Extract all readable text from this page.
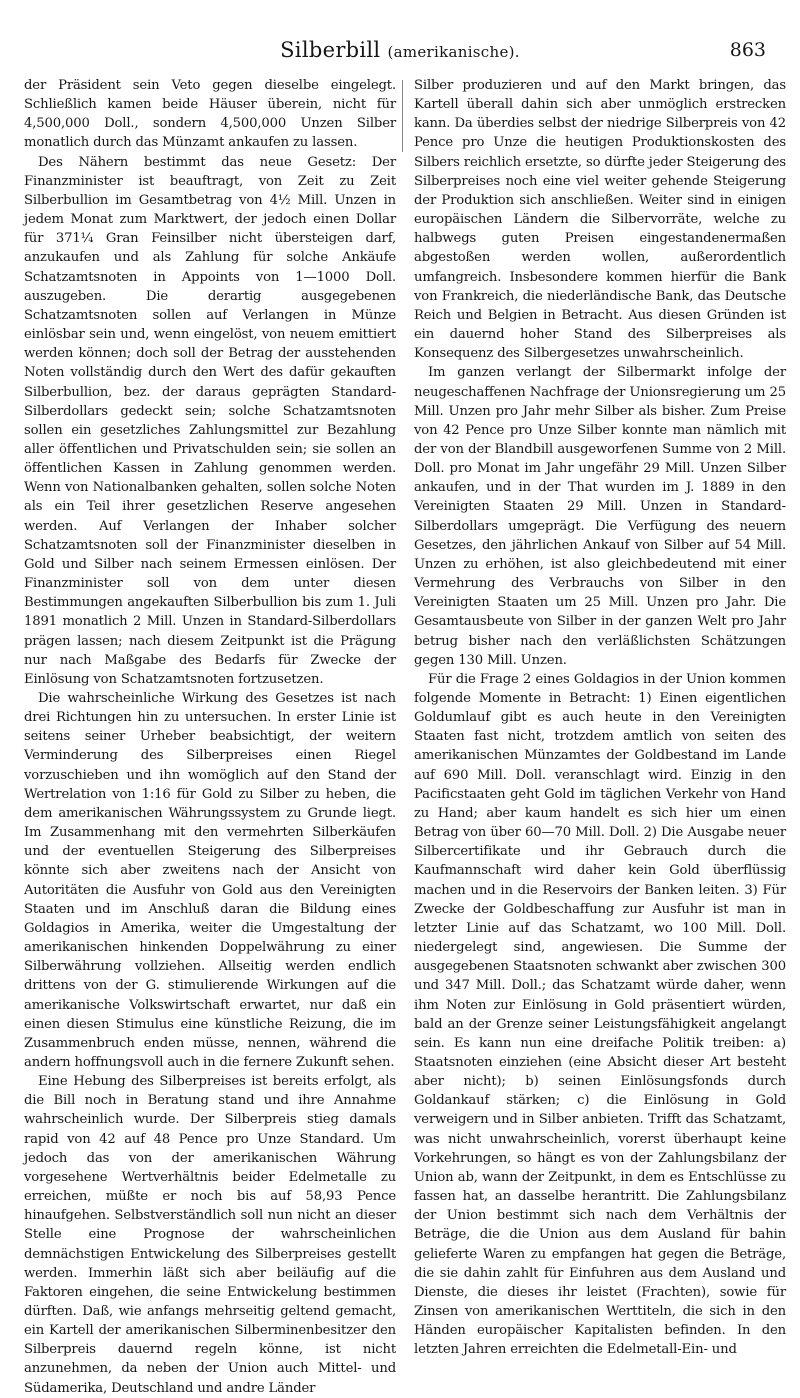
Silberbill (amerikanische).	863

der Präsident sein Veto gegen dieselbe eingelegt. Schließlich kamen beide Häuser überein, nicht für 4,500,000 Doll., sondern 4,500,000 Unzen Silber monatlich durch das Münzamt ankaufen zu lassen.

Des Nähern bestimmt das neue Gesetz: Der Finanzminister ist beauftragt, von Zeit zu Zeit Silberbullion im Gesamtbetrag von 4½ Mill. Unzen in jedem Monat zum Marktwert, der jedoch einen Dollar für 371¼ Gran Feinsilber nicht übersteigen darf, anzukaufen und als Zahlung für solche Ankäufe Schatzamtsnoten in Appoints von 1—1000 Doll. auszugeben. Die derartig ausgegebenen Schatzamtsnoten sollen auf Verlangen in Münze einlösbar sein und, wenn eingelöst, von neuem emittiert werden können; doch soll der Betrag der ausstehenden Noten vollständig durch den Wert des dafür gekauften Silberbullion, bez. der daraus geprägten Standard-Silberdollars gedeckt sein; solche Schatzamtsnoten sollen ein gesetzliches Zahlungsmittel zur Bezahlung aller öffentlichen und Privatschulden sein; sie sollen an öffentlichen Kassen in Zahlung genommen werden. Wenn von Nationalbanken gehalten, sollen solche Noten als ein Teil ihrer gesetzlichen Reserve angesehen werden. Auf Verlangen der Inhaber solcher Schatzamtsnoten soll der Finanzminister dieselben in Gold und Silber nach seinem Ermessen einlösen. Der Finanzminister soll von dem unter diesen Bestimmungen angekauften Silberbullion bis zum 1. Juli 1891 monatlich 2 Mill. Unzen in Standard-Silberdollars prägen lassen; nach diesem Zeitpunkt ist die Prägung nur nach Maßgabe des Bedarfs für Zwecke der Einlösung von Schatzamtsnoten fortzusetzen.

Die wahrscheinliche Wirkung des Gesetzes ist nach drei Richtungen hin zu untersuchen. In erster Linie ist seitens seiner Urheber beabsichtigt, der weitern Verminderung des Silberpreises einen Riegel vorzuschieben und ihn womöglich auf den Stand der Wertrelation von 1:16 für Gold zu Silber zu heben, die dem amerikanischen Währungssystem zu Grunde liegt. Im Zusammenhang mit den vermehrten Silberkäufen und der eventuellen Steigerung des Silberpreises könnte sich aber zweitens nach der Ansicht von Autoritäten die Ausfuhr von Gold aus den Vereinigten Staaten und im Anschluß daran die Bildung eines Goldagios in Amerika, weiter die Umgestaltung der amerikanischen hinkenden Doppelwährung zu einer Silberwährung vollziehen. Allseitig werden endlich drittens von der G. stimulierende Wirkungen auf die amerikanische Volkswirtschaft erwartet, nur daß ein einen diesen Stimulus eine künstliche Reizung, die im Zusammenbruch enden müsse, nennen, während die andern hoffnungsvoll auch in die fernere Zukunft sehen.

Eine Hebung des Silberpreises ist bereits erfolgt, als die Bill noch in Beratung stand und ihre Annahme wahrscheinlich wurde. Der Silberpreis stieg damals rapid von 42 auf 48 Pence pro Unze Standard. Um jedoch das von der amerikanischen Währung vorgesehene Wertverhältnis beider Edelmetalle zu erreichen, müßte er noch bis auf 58,93 Pence hinaufgehen. Selbstverständlich soll nun nicht an dieser Stelle eine Prognose der wahrscheinlichen demnächstigen Entwickelung des Silberpreises gestellt werden. Immerhin läßt sich aber beiläufig auf die Faktoren eingehen, die seine Entwickelung bestimmen dürften. Daß, wie anfangs mehrseitig geltend gemacht, ein Kartell der amerikanischen Silberminenbesitzer den Silberpreis dauernd regeln könne, ist nicht anzunehmen, da neben der Union auch Mittel- und Südamerika, Deutschland und andre Länder

Silber produzieren und auf den Markt bringen, das Kartell überall dahin sich aber unmöglich erstrecken kann. Da überdies selbst der niedrige Silberpreis von 42 Pence pro Unze die heutigen Produktionskosten des Silbers reichlich ersetzte, so dürfte jeder Steigerung des Silberpreises noch eine viel weiter gehende Steigerung der Produktion sich anschließen. Weiter sind in einigen europäischen Ländern die Silbervorräte, welche zu halbwegs guten Preisen eingestandenermaßen abgestoßen werden wollen, außerordentlich umfangreich. Insbesondere kommen hierfür die Bank von Frankreich, die niederländische Bank, das Deutsche Reich und Belgien in Betracht. Aus diesen Gründen ist ein dauernd hoher Stand des Silberpreises als Konsequenz des Silbergesetzes unwahrscheinlich.

Im ganzen verlangt der Silbermarkt infolge der neugeschaffenen Nachfrage der Unionsregierung um 25 Mill. Unzen pro Jahr mehr Silber als bisher. Zum Preise von 42 Pence pro Unze Silber konnte man nämlich mit der von der Blandbill ausgeworfenen Summe von 2 Mill. Doll. pro Monat im Jahr ungefähr 29 Mill. Unzen Silber ankaufen, und in der That wurden im J. 1889 in den Vereinigten Staaten 29 Mill. Unzen in Standard-Silberdollars umgeprägt. Die Verfügung des neuern Gesetzes, den jährlichen Ankauf von Silber auf 54 Mill. Unzen zu erhöhen, ist also gleichbedeutend mit einer Vermehrung des Verbrauchs von Silber in den Vereinigten Staaten um 25 Mill. Unzen pro Jahr. Die Gesamtausbeute von Silber in der ganzen Welt pro Jahr betrug bisher nach den verläßlichsten Schätzungen gegen 130 Mill. Unzen.

Für die Frage 2 eines Goldagios in der Union kommen folgende Momente in Betracht: 1) Einen eigentlichen Goldumlauf gibt es auch heute in den Vereinigten Staaten fast nicht, trotzdem amtlich von seiten des amerikanischen Münzamtes der Goldbestand im Lande auf 690 Mill. Doll. veranschlagt wird. Einzig in den Pacificstaaten geht Gold im täglichen Verkehr von Hand zu Hand; aber kaum handelt es sich hier um einen Betrag von über 60—70 Mill. Doll. 2) Die Ausgabe neuer Silbercertifikate und ihr Gebrauch durch die Kaufmannschaft wird daher kein Gold überflüssig machen und in die Reservoirs der Banken leiten. 3) Für Zwecke der Goldbeschaffung zur Ausfuhr ist man in letzter Linie auf das Schatzamt, wo 100 Mill. Doll. niedergelegt sind, angewiesen. Die Summe der ausgegebenen Staatsnoten schwankt aber zwischen 300 und 347 Mill. Doll.; das Schatzamt würde daher, wenn ihm Noten zur Einlösung in Gold präsentiert würden, bald an der Grenze seiner Leistungsfähigkeit angelangt sein. Es kann nun eine dreifache Politik treiben: a) Staatsnoten einziehen (eine Absicht dieser Art besteht aber nicht); b) seinen Einlösungsfonds durch Goldankauf stärken; c) die Einlösung in Gold verweigern und in Silber anbieten. Trifft das Schatzamt, was nicht unwahrscheinlich, vorerst überhaupt keine Vorkehrungen, so hängt es von der Zahlungsbilanz der Union ab, wann der Zeitpunkt, in dem es Entschlüsse zu fassen hat, an dasselbe herantritt. Die Zahlungsbilanz der Union bestimmt sich nach dem Verhältnis der Beträge, die die Union aus dem Ausland für bahin gelieferte Waren zu empfangen hat gegen die Beträge, die sie dahin zahlt für Einfuhren aus dem Ausland und Dienste, die dieses ihr leistet (Frachten), sowie für Zinsen von amerikanischen Werttiteln, die sich in den Händen europäischer Kapitalisten befinden. In den letzten Jahren erreichten die Edelmetall-Ein- und
